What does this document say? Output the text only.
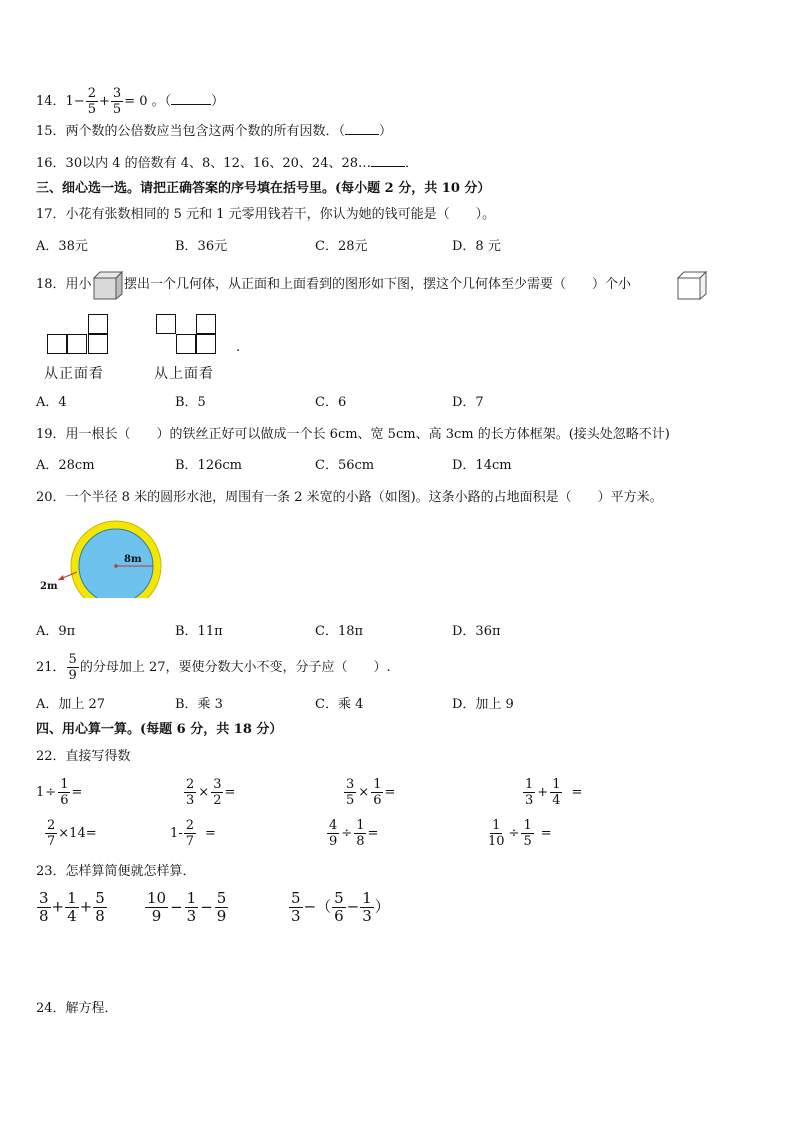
14．$1- \frac{2}{5} + \frac{3}{5} = 0$ 。（	）
15．两个数的公倍数应当包含这两个数的所有因数．（	）
16．30以内 4 的倍数有 4、8、12、16、20、24、28…	．
三、细心选一选。请把正确答案的序号填在括号里。(每小题 2 分，共 10 分）
17．小花有张数相同的 5 元和 1 元零用钱若干，你认为她的钱可能是（　　）。
A．38元	B．36元	C．28元	D．8 元
18．用小 摆出一个几何体，从正面和上面看到的图形如下图，摆这个几何体至少需要（　　）个小
从正面看	从上面看
.
A．4	B．5	C．6	D．7
19．用一根长（　　）的铁丝正好可以做成一个长 6cm、宽 5cm、高 3cm 的长方体框架。(接头处忽略不计)
A．28cm	B．126cm	C．56cm	D．14cm
20．一个半径 8 米的圆形水池，周围有一条 2 米宽的小路（如图)。这条小路的占地面积是（　　）平方米。
8m
2m
A．9π	B．11π	C．18π	D．36π
21． $\frac{5}{9}$ 的分母加上 27，要使分数大小不变，分子应（　　）.
A．加上 27	B．乘 3	C．乘 4	D．加上 9
四、用心算一算。(每题 6 分，共 18 分）
22．直接写得数
$1\div \frac{1}{6}$ =	$\frac{2}{3} \times \frac{3}{2}$ =	$\frac{3}{5} \times \frac{1}{6}$ =	$\frac{1}{3} + \frac{1}{4}$ =
$\frac{2}{7} \times 14=$	$1- \frac{2}{7}$ =	$\frac{4}{9} \div \frac{1}{8}$ =	$\frac{1}{10} \div \frac{1}{5}$ =
23．怎样算简便就怎样算．
$\frac{3}{8} + \frac{1}{4} + \frac{5}{8}$	$\frac{10}{9} - \frac{1}{3} - \frac{5}{9}$	$\frac{5}{3}$ −（ $\frac{5}{6} - \frac{1}{3}$ ）
24．解方程．
